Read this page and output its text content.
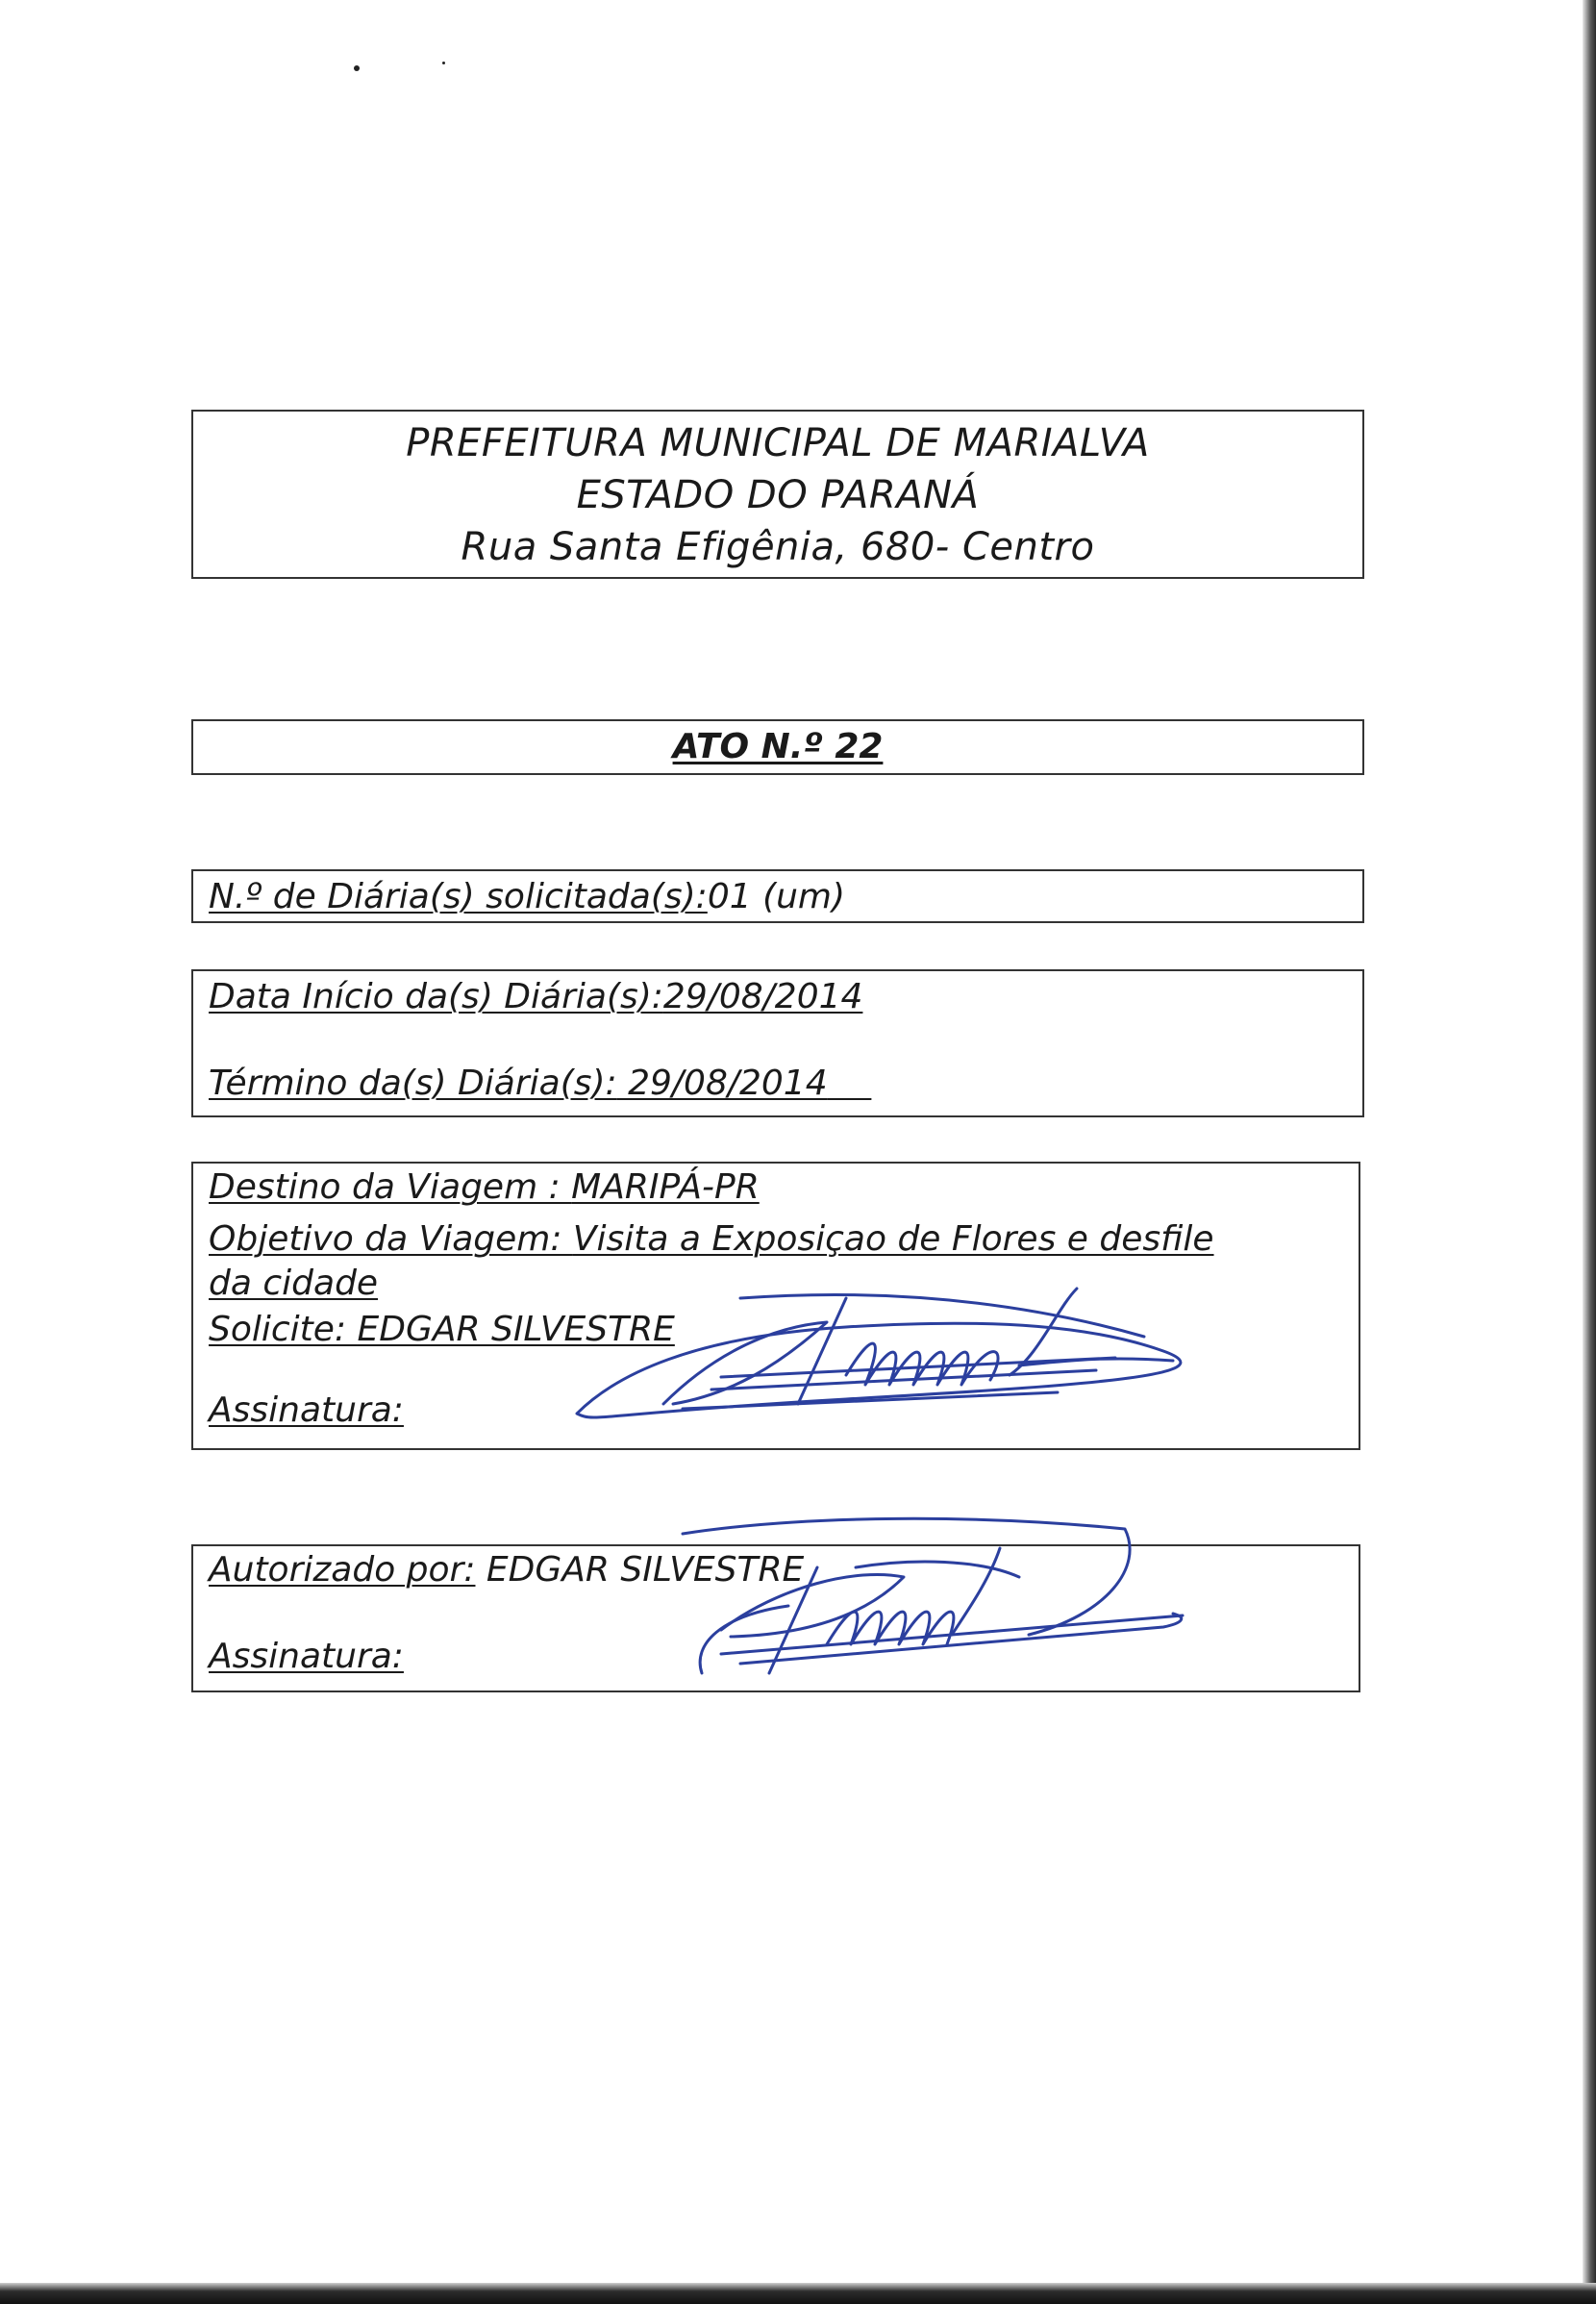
PREFEITURA MUNICIPAL DE MARIALVA
ESTADO DO PARANÁ
Rua Santa Efigênia, 680- Centro
ATO N.º 22
N.º de Diária(s) solicitada(s):01 (um)
Data Início da(s) Diária(s):29/08/2014
Término da(s) Diária(s): 29/08/2014
Destino da Viagem : MARIPÁ-PR
Objetivo da Viagem: Visita a Exposiçao de Flores e desfile
da cidade
Solicite: EDGAR SILVESTRE
Assinatura:
Autorizado por: EDGAR SILVESTRE
Assinatura:
